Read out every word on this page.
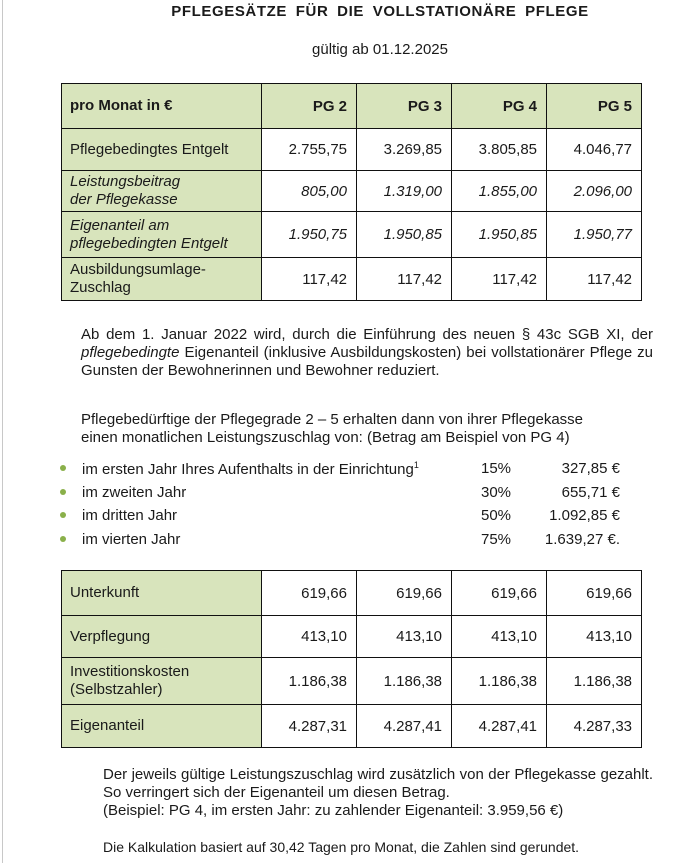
PFLEGESÄTZE FÜR DIE VOLLSTATIONÄRE PFLEGE
gültig ab 01.12.2025
pro Monat in €	PG 2	PG 3	PG 4	PG 5
Pflegebedingtes Entgelt	2.755,75	3.269,85	3.805,85	4.046,77
Leistungsbeitrag
der Pflegekasse	805,00	1.319,00	1.855,00	2.096,00
Eigenanteil am
pflegebedingten Entgelt	1.950,75	1.950,85	1.950,85	1.950,77
Ausbildungsumlage-
Zuschlag	117,42	117,42	117,42	117,42
Ab dem 1. Januar 2022 wird, durch die Einführung des neuen § 43c SGB XI, der pflegebedingte Eigenanteil (inklusive Ausbildungskosten) bei vollstationärer Pflege zu Gunsten der Bewohnerinnen und Bewohner reduziert.
Pflegebedürftige der Pflegegrade 2 – 5 erhalten dann von ihrer Pflegekasse
einen monatlichen Leistungszuschlag von: (Betrag am Beispiel von PG 4)
im ersten Jahr Ihres Aufenthalts in der Einrichtung$^1$	15%	327,85 €
im zweiten Jahr	30%	655,71 €
im dritten Jahr	50%	1.092,85 €
im vierten Jahr	75%	1.639,27 €.
Unterkunft	619,66	619,66	619,66	619,66
Verpflegung	413,10	413,10	413,10	413,10
Investitionskosten
(Selbstzahler)	1.186,38	1.186,38	1.186,38	1.186,38
Eigenanteil	4.287,31	4.287,41	4.287,41	4.287,33
Der jeweils gültige Leistungszuschlag wird zusätzlich von der Pflegekasse gezahlt. So verringert sich der Eigenanteil um diesen Betrag.
(Beispiel: PG 4, im ersten Jahr: zu zahlender Eigenanteil: 3.959,56 €)
Die Kalkulation basiert auf 30,42 Tagen pro Monat, die Zahlen sind gerundet.
